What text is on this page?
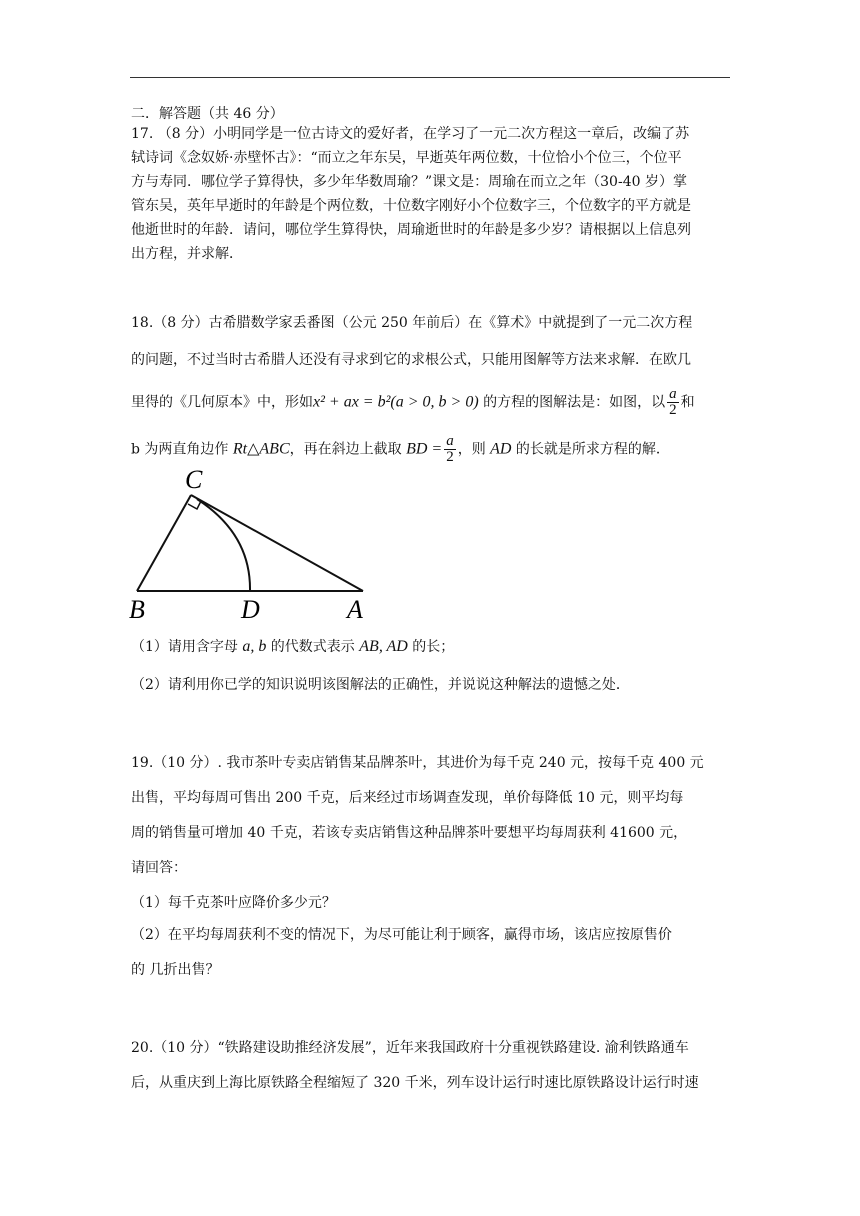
二．解答题（共 46 分）
17. （8 分）小明同学是一位古诗文的爱好者，在学习了一元二次方程这一章后，改编了苏
轼诗词《念奴娇·赤壁怀古》：“而立之年东吴，早逝英年两位数，十位恰小个位三，个位平
方与寿同．哪位学子算得快，多少年华数周瑜？”课文是：周瑜在而立之年（30-40 岁）掌
管东吴，英年早逝时的年龄是个两位数，十位数字刚好小个位数字三，个位数字的平方就是
他逝世时的年龄．请问，哪位学生算得快，周瑜逝世时的年龄是多少岁？请根据以上信息列
出方程，并求解．
18.（8 分）古希腊数学家丢番图（公元 250 年前后）在《算术》中就提到了一元二次方程
的问题，不过当时古希腊人还没有寻求到它的求根公式，只能用图解等方法来求解．在欧几
里得的《几何原本》中，形如x² + ax = b²(a > 0, b > 0) 的方程的图解法是：如图，以 $\frac{a}{2}$ 和
b 为两直角边作 Rt△ABC，再在斜边上截取 BD = $\frac{a}{2}$ ，则 AD 的长就是所求方程的解．
C
B	D	A
（1）请用含字母 a, b 的代数式表示 AB, AD 的长；
（2）请利用你已学的知识说明该图解法的正确性，并说说这种解法的遗憾之处．
19.（10 分）. 我市茶叶专卖店销售某品牌茶叶，其进价为每千克 240 元，按每千克 400 元
出售，平均每周可售出 200 千克，后来经过市场调查发现，单价每降低 10 元，则平均每
周的销售量可增加 40 千克，若该专卖店销售这种品牌茶叶要想平均每周获利 41600 元，
请回答：
（1）每千克茶叶应降价多少元？
（2）在平均每周获利不变的情况下，为尽可能让利于顾客，赢得市场，该店应按原售价
的 几折出售？
20.（10 分）“铁路建设助推经济发展”，近年来我国政府十分重视铁路建设. 渝利铁路通车
后，从重庆到上海比原铁路全程缩短了 320 千米，列车设计运行时速比原铁路设计运行时速
